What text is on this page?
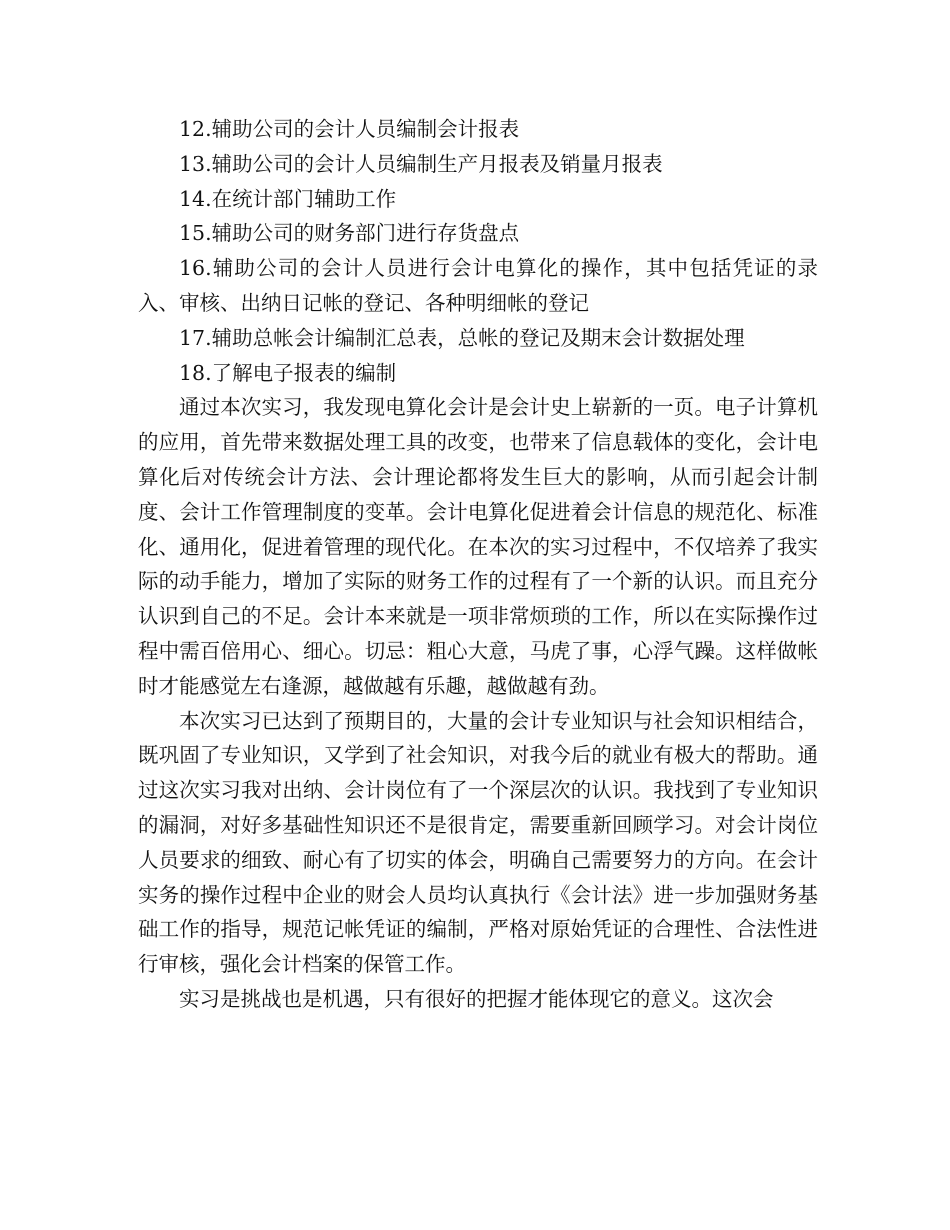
12.辅助公司的会计人员编制会计报表

13.辅助公司的会计人员编制生产月报表及销量月报表

14.在统计部门辅助工作

15.辅助公司的财务部门进行存货盘点

16.辅助公司的会计人员进行会计电算化的操作，其中包括凭证的录入、审核、出纳日记帐的登记、各种明细帐的登记

17.辅助总帐会计编制汇总表，总帐的登记及期末会计数据处理

18.了解电子报表的编制

通过本次实习，我发现电算化会计是会计史上崭新的一页。电子计算机的应用，首先带来数据处理工具的改变，也带来了信息载体的变化，会计电算化后对传统会计方法、会计理论都将发生巨大的影响，从而引起会计制度、会计工作管理制度的变革。会计电算化促进着会计信息的规范化、标准化、通用化，促进着管理的现代化。在本次的实习过程中，不仅培养了我实际的动手能力，增加了实际的财务工作的过程有了一个新的认识。而且充分认识到自己的不足。会计本来就是一项非常烦琐的工作，所以在实际操作过程中需百倍用心、细心。切忌：粗心大意，马虎了事，心浮气躁。这样做帐时才能感觉左右逢源，越做越有乐趣，越做越有劲。

本次实习已达到了预期目的，大量的会计专业知识与社会知识相结合，既巩固了专业知识，又学到了社会知识，对我今后的就业有极大的帮助。通过这次实习我对出纳、会计岗位有了一个深层次的认识。我找到了专业知识的漏洞，对好多基础性知识还不是很肯定，需要重新回顾学习。对会计岗位人员要求的细致、耐心有了切实的体会，明确自己需要努力的方向。在会计实务的操作过程中企业的财会人员均认真执行《会计法》进一步加强财务基础工作的指导，规范记帐凭证的编制，严格对原始凭证的合理性、合法性进行审核，强化会计档案的保管工作。

实习是挑战也是机遇，只有很好的把握才能体现它的意义。这次会
